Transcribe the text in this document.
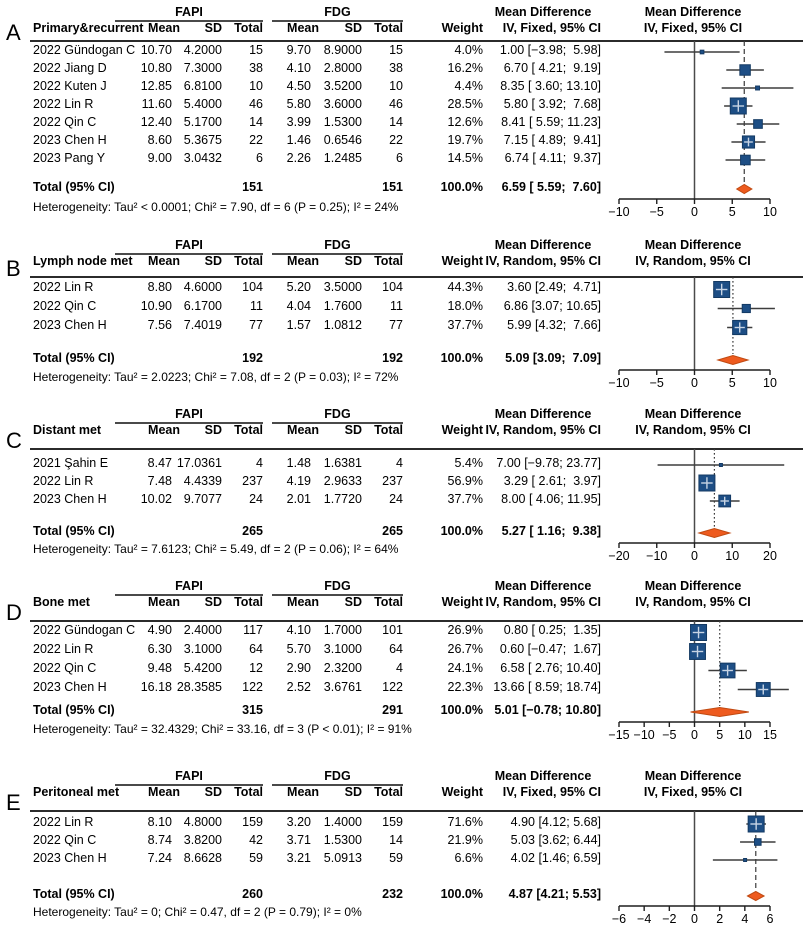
A
FAPI	FDG	Mean Difference	Mean Difference
Primary&recurrent Mean	SD Total	Mean	SD Total	Weight	IV, Fixed, 95% CI	IV, Fixed, 95% CI
2022 Gündogan C 10.70 4.2000	15	9.70	8.9000	15	4.0%	1.00 [−3.98;  5.98]
2022 Jiang D	10.80 7.3000	38	4.10	2.8000	38	16.2%	6.70 [ 4.21;  9.19]
2022 Kuten J	12.85 6.8100	10	4.50	3.5200	10	4.4%	8.35 [ 3.60; 13.10]
2022 Lin R	11.60 5.4000	46	5.80	3.6000	46	28.5%	5.80 [ 3.92;  7.68]
2022 Qin C	12.40 5.1700	14	3.99	1.5300	14	12.6%	8.41 [ 5.59; 11.23]
2023 Chen H	8.60 5.3675	22	1.46	0.6546	22	19.7%	7.15 [ 4.89;  9.41]
2023 Pang Y	9.00 3.0432	6	2.26	1.2485	6	14.5%	6.74 [ 4.11;  9.37]
Total (95% CI)	151	151	100.0%	6.59 [ 5.59;  7.60]
Heterogeneity: Tau² < 0.0001; Chi² = 7.90, df = 6 (P = 0.25); I² = 24%	−10 −5 0 5 10
B
FAPI	FDG	Mean Difference	Mean Difference
Lymph node met	Mean	SD Total	Mean	SD Total	Weight IV, Random, 95% CI	IV, Random, 95% CI
2022 Lin R	8.80 4.6000	104	5.20	3.5000	104	44.3%	3.60 [2.49;  4.71]
2022 Qin C	10.90 6.1700	11	4.04	1.7600	11	18.0%	6.86 [3.07; 10.65]
2023 Chen H	7.56 7.4019	77	1.57	1.0812	77	37.7%	5.99 [4.32;  7.66]
Total (95% CI)	192	192	100.0%	5.09 [3.09;  7.09]
Heterogeneity: Tau² = 2.0223; Chi² = 7.08, df = 2 (P = 0.03); I² = 72%	−10 −5 0 5 10
C
FAPI	FDG	Mean Difference	Mean Difference
Distant met	Mean	SD Total	Mean	SD Total	Weight IV, Random, 95% CI	IV, Random, 95% CI
2021 Şahin E	8.47 17.0361	4	1.48	1.6381	4	5.4%	7.00 [−9.78; 23.77]
2022 Lin R	7.48 4.4339	237	4.19	2.9633	237	56.9%	3.29 [ 2.61;  3.97]
2023 Chen H	10.02 9.7077	24	2.01	1.7720	24	37.7%	8.00 [ 4.06; 11.95]
Total (95% CI)	265	265	100.0%	5.27 [ 1.16;  9.38]
Heterogeneity: Tau² = 7.6123; Chi² = 5.49, df = 2 (P = 0.06); I² = 64%	−20 −10 0 10 20
D
FAPI	FDG	Mean Difference	Mean Difference
Bone met	Mean	SD Total	Mean	SD Total	Weight IV, Random, 95% CI	IV, Random, 95% CI
2022 Gündogan C 4.90 2.4000	117	4.10	1.7000	101	26.9%	0.80 [ 0.25;  1.35]
2022 Lin R	6.30 3.1000	64	5.70	3.1000	64	26.7%	0.60 [−0.47;  1.67]
2022 Qin C	9.48 5.4200	12	2.90	2.3200	4	24.1%	6.58 [ 2.76; 10.40]
2023 Chen H	16.18 28.3585	122	2.52	3.6761	122	22.3% 13.66 [ 8.59; 18.74]
Total (95% CI)	315	291	100.0% 5.01 [−0.78; 10.80]
Heterogeneity: Tau² = 32.4329; Chi² = 33.16, df = 3 (P < 0.01); I² = 91%	−15 −10 −5 0 5 10 15
E
FAPI	FDG	Mean Difference	Mean Difference
Peritoneal met	Mean	SD Total	Mean	SD Total	Weight	IV, Fixed, 95% CI	IV, Fixed, 95% CI
2022 Lin R	8.10 4.8000	159	3.20	1.4000	159	71.6%	4.90 [4.12; 5.68]
2022 Qin C	8.74 3.8200	42	3.71	1.5300	14	21.9%	5.03 [3.62; 6.44]
2023 Chen H	7.24 8.6628	59	3.21	5.0913	59	6.6%	4.02 [1.46; 6.59]
Total (95% CI)	260	232	100.0%	4.87 [4.21; 5.53]
Heterogeneity: Tau² = 0; Chi² = 0.47, df = 2 (P = 0.79); I² = 0%	−6 −4 −2 0 2 4 6
